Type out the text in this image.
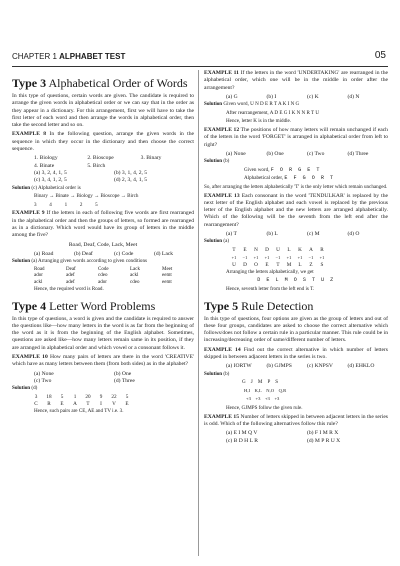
CHAPTER 1 ALPHABET TEST	05
Type 3 Alphabetical Order of Words

In this type of questions, certain words are given. The candidate is required to arrange the given words in alphabetical order or we can say that in the order as they appear in a dictionary. For this arrangement, first we will have to take the first letter of each word and then arrange the words in alphabetical order, then take the second letter and so on.

EXAMPLE 8 In the following question, arrange the given words in the sequence in which they occur in the dictionary and then choose the correct sequence.

1. Biology	2. Bioscope	3. Binary
4. Binate	5. Birch
(a) 3, 2, 4, 1, 5	(b) 3, 1, 4, 2, 5
(c) 3, 4, 1, 2, 5	(d) 2, 3, 4, 1, 5

Solution (c) Alphabetical order is

Binary → Binate → Biology → Bioscope → Birch

3          4          1          2          5

EXAMPLE 9 If the letters in each of following five words are first rearranged in the alphabetical order and then the groups of letters, so formed are rearranged as in a dictionary. Which word would have its group of letters in the middle among the five?

Road, Deaf, Code, Lack, Meet

(a) Road	(b) Deaf	(c) Code	(d) Lack

Solution (a) Arranging given words according to given conditions

Road	Deaf	Code	Lack	Meet
ador	adef	cdeo	ackl	eemt
ackl	adef	ador	cdeo	eemt

Hence, the required word is Road.

Type 4 Letter Word Problems

In this type of questions, a word is given and the candidate is required to answer the questions like—how many letters in the word is as far from the beginning of the word as it is from the beginning of the English alphabet. Sometimes, questions are asked like—how many letters remain same in its position, if they are arranged in alphabetical order and which vowel or a consonant follows it.

EXAMPLE 10 How many pairs of letters are there in the word 'CREATIVE' which have as many letters between them (from both sides) as in the alphabet?

(a) None	(b) One
(c) Two	(d) Three

Solution (d)

3	18	5	1	20	9	22	5
C	R	E	A	T	I	V	E

Hence, such pairs are CE, AE and TV i.e. 3.

EXAMPLE 11 If the letters in the word 'UNDERTAKING' are rearranged in the alphabetical order, which one will be in the middle in order after the arrangement?

(a) G	(b) I	(c) K	(d) N

Solution Given word, U N D E R T A K I N G

After rearrangement, A D E G I K N N R T U

Hence, letter K is in the middle.

EXAMPLE 12 The positions of how many letters will remain unchanged if each of the letters in the word 'FORGET' is arranged in alphabetical order from left to right?

(a) None	(b) One	(c) Two	(d) Three

Solution (b)

Given word, F O R G E T

Alphabetical order, E F G O R T

So, after arranging the letters alphabetically 'T' is the only letter which remain unchanged.

EXAMPLE 13 Each consonant in the word 'TENDULKAR' is replaced by the next letter of the English alphabet and each vowel is replaced by the previous letter of the English alphabet and the new letters are arranged alphabetically. Which of the following will be the seventh from the left end after the rearrangement?

(a) T	(b) L	(c) M	(d) O

Solution (a)

T	E	N	D	U	L	K	A	R
+1	−1	+1	+1	−1	+1	+1	−1	+1
U	D	O	E	T	M	L	Z	S

Arranging the letters alphabetically, we get

D E L M O S T U Z

Hence, seventh letter from the left end is T.

Type 5 Rule Detection

In this type of questions, four options are given as the group of letters and out of these four groups, candidates are asked to choose the correct alternative which follows/does not follow a certain rule in a particular manner. This rule could be in increasing/decreasing order of same/different number of letters.

EXAMPLE 14 Find out the correct alternative in which number of letters skipped in between adjacent letters in the series is two.

(a) IORTW	(b) GJMPS	(c) KNPSV	(d) EHKLO

Solution (b)

G    J    M    P    S

H,I    K,L    N,O    Q,R

+3    +3    +3    +3

Hence, GJMPS follow the given rule.

EXAMPLE 15 Number of letters skipped in between adjacent letters in the series is odd. Which of the following alternatives follow this rule?

(a) E I M Q V	(b) F I M R X
(c) B D H L R	(d) M P R U X
